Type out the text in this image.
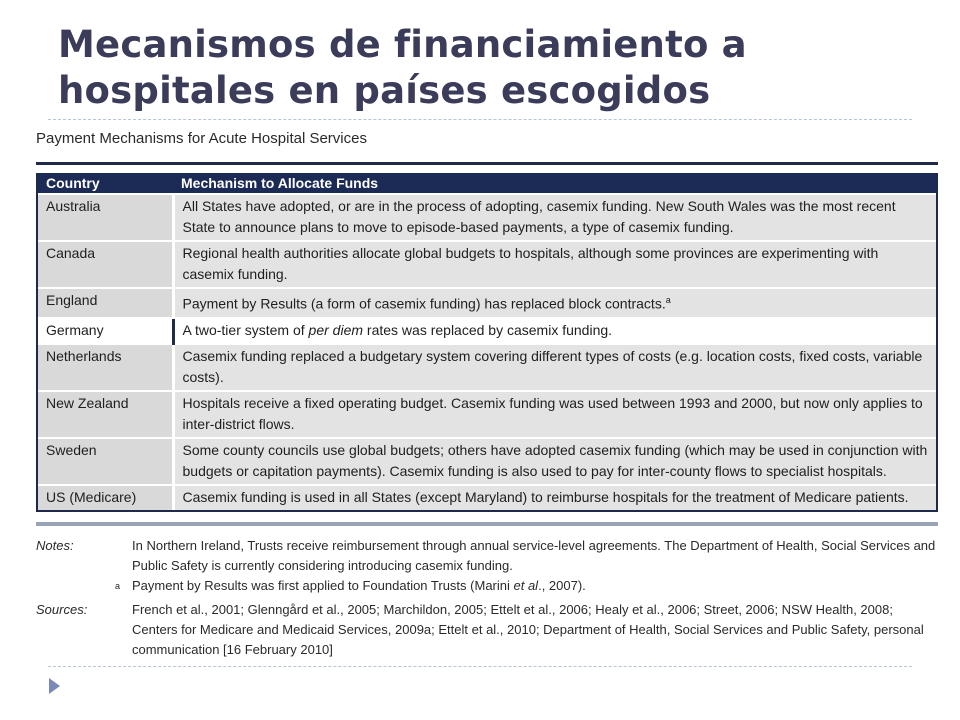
Mecanismos de financiamiento a hospitales en países escogidos
Payment Mechanisms for Acute Hospital Services
Country	Mechanism to Allocate Funds
Australia	All States have adopted, or are in the process of adopting, casemix funding. New South Wales was the most recent State to announce plans to move to episode-based payments, a type of casemix funding.
Canada	Regional health authorities allocate global budgets to hospitals, although some provinces are experimenting with casemix funding.
England	Payment by Results (a form of casemix funding) has replaced block contracts.$^a$
Germany	A two-tier system of per diem rates was replaced by casemix funding.
Netherlands	Casemix funding replaced a budgetary system covering different types of costs (e.g. location costs, fixed costs, variable costs).
New Zealand	Hospitals receive a fixed operating budget. Casemix funding was used between 1993 and 2000, but now only applies to inter-district flows.
Sweden	Some county councils use global budgets; others have adopted casemix funding (which may be used in conjunction with budgets or capitation payments). Casemix funding is also used to pay for inter-county flows to specialist hospitals.
US (Medicare)	Casemix funding is used in all States (except Maryland) to reimburse hospitals for the treatment of Medicare patients.
Notes:	In Northern Ireland, Trusts receive reimbursement through annual service-level agreements. The Department of Health, Social Services and Public Safety is currently considering introducing casemix funding.
a Payment by Results was first applied to Foundation Trusts (Marini et al., 2007).
Sources:	French et al., 2001; Glenngård et al., 2005; Marchildon, 2005; Ettelt et al., 2006; Healy et al., 2006; Street, 2006; NSW Health, 2008; Centers for Medicare and Medicaid Services, 2009a; Ettelt et al., 2010; Department of Health, Social Services and Public Safety, personal communication [16 February 2010]
